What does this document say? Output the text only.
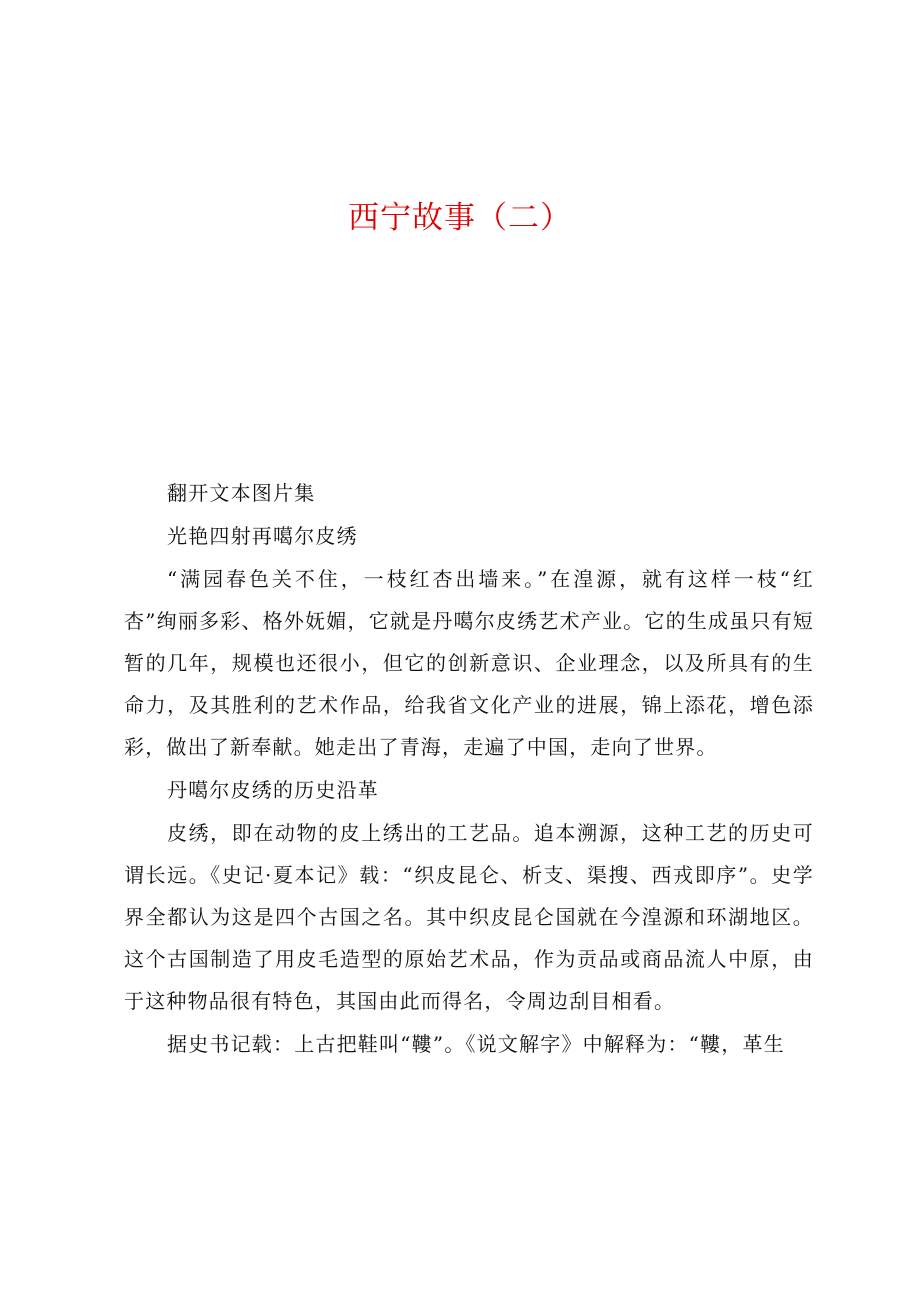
西宁故事（二）

翻开文本图片集

光艳四射再噶尔皮绣

“满园春色关不住，一枝红杏出墙来。”在湟源，就有这样一枝“红杏”绚丽多彩、格外妩媚，它就是丹噶尔皮绣艺术产业。它的生成虽只有短暂的几年，规模也还很小，但它的创新意识、企业理念，以及所具有的生命力，及其胜利的艺术作品，给我省文化产业的进展，锦上添花，增色添彩，做出了新奉献。她走出了青海，走遍了中国，走向了世界。

丹噶尔皮绣的历史沿革

皮绣，即在动物的皮上绣出的工艺品。追本溯源，这种工艺的历史可谓长远。《史记·夏本记》载：“织皮昆仑、析支、渠搜、西戎即序”。史学界全都认为这是四个古国之名。其中织皮昆仑国就在今湟源和环湖地区。这个古国制造了用皮毛造型的原始艺术品，作为贡品或商品流人中原，由于这种物品很有特色，其国由此而得名，令周边刮目相看。

据史书记载：上古把鞋叫“鞻”。《说文解字》中解释为：“鞻，革生
